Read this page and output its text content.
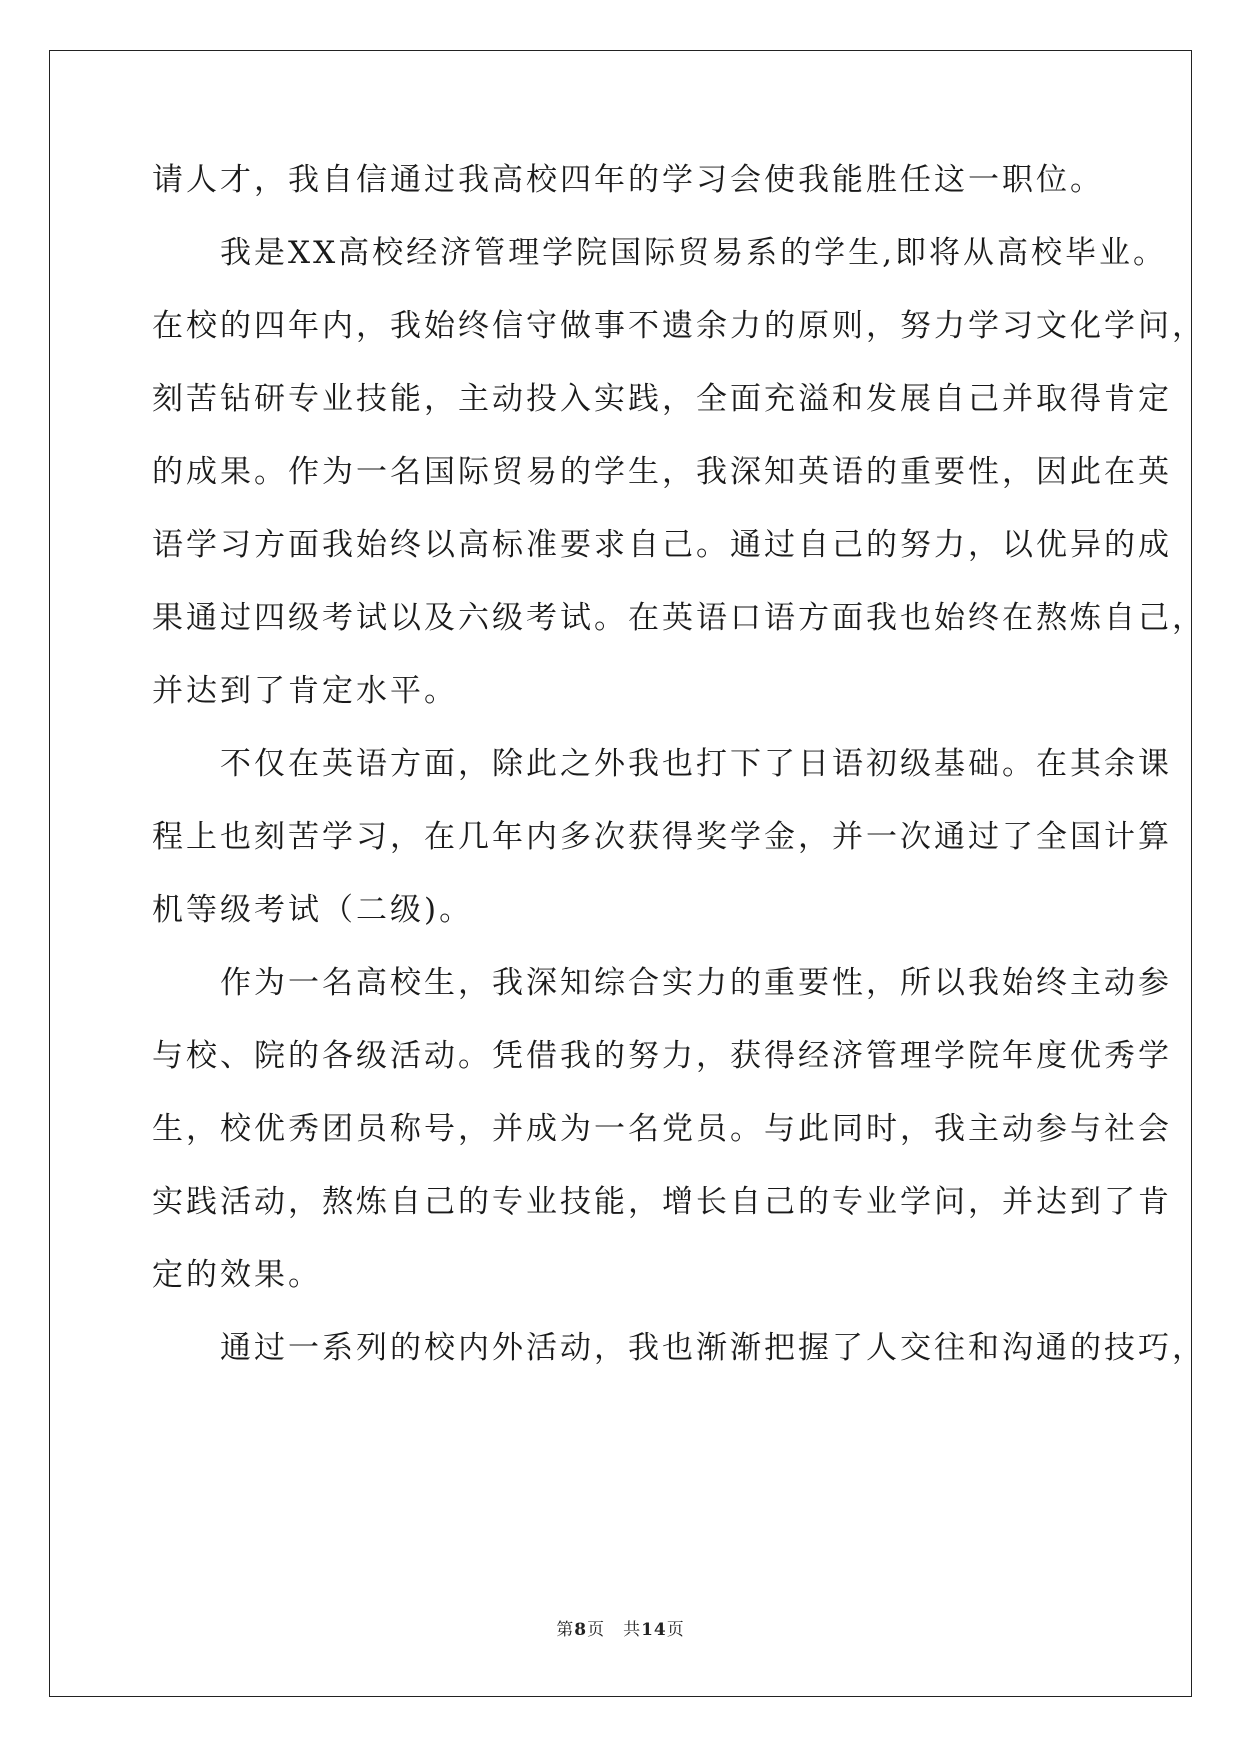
请人才，我自信通过我高校四年的学习会使我能胜任这一职位。
　　我是XX高校经济管理学院国际贸易系的学生,即将从高校毕业。
在校的四年内，我始终信守做事不遗余力的原则，努力学习文化学问，
刻苦钻研专业技能，主动投入实践，全面充溢和发展自己并取得肯定
的成果。作为一名国际贸易的学生，我深知英语的重要性，因此在英
语学习方面我始终以高标准要求自己。通过自己的努力，以优异的成
果通过四级考试以及六级考试。在英语口语方面我也始终在熬炼自己，
并达到了肯定水平。
　　不仅在英语方面，除此之外我也打下了日语初级基础。在其余课
程上也刻苦学习，在几年内多次获得奖学金，并一次通过了全国计算
机等级考试（二级)。
　　作为一名高校生，我深知综合实力的重要性，所以我始终主动参
与校、院的各级活动。凭借我的努力，获得经济管理学院年度优秀学
生，校优秀团员称号，并成为一名党员。与此同时，我主动参与社会
实践活动，熬炼自己的专业技能，增长自己的专业学问，并达到了肯
定的效果。
　　通过一系列的校内外活动，我也渐渐把握了人交往和沟通的技巧，
第8页 共14页
